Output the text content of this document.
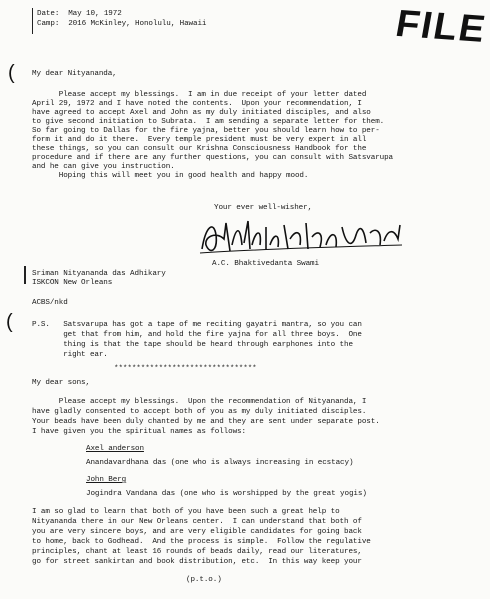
FILE
Date:  May 10, 1972
Camp:  2016 McKinley, Honolulu, Hawaii
( My dear Nityananda,
Please accept my blessings.  I am in due receipt of your letter dated
April 29, 1972 and I have noted the contents.  Upon your recommendation, I
have agreed to accept Axel and John as my duly initiated disciples, and also
to give second initiation to Subrata.  I am sending a separate letter for them.
So far going to Dallas for the fire yajna, better you should learn how to per-
form it and do it there.  Every temple president must be very expert in all
these things, so you can consult our Krishna Consciousness Handbook for the
procedure and if there are any further questions, you can consult with Satsvarupa
and he can give you instruction.
Hoping this will meet you in good health and happy mood.
Your ever well-wisher,
A.C. Bhaktivedanta Swami
Sriman Nityananda das Adhikary
ISKCON New Orleans
ACBS/nkd
(	P.S.   Satsvarupa has got a tape of me reciting gayatri mantra, so you can
get that from him, and hold the fire yajna for all three boys.  One
thing is that the tape should be heard through earphones into the
right ear.
********************************
My dear sons,
Please accept my blessings.  Upon the recommendation of Nityananda, I
have gladly consented to accept both of you as my duly initiated disciples.
Your beads have been duly chanted by me and they are sent under separate post.
I have given you the spiritual names as follows:
Axel anderson
Anandavardhana das (one who is always increasing in ecstacy)
John Berg
Jogindra Vandana das (one who is worshipped by the great yogis)
I am so glad to learn that both of you have been such a great help to
Nityananda there in our New Orleans center.  I can understand that both of
you are very sincere boys, and are very eligible candidates for going back
to home, back to Godhead.  And the process is simple.  Follow the regulative
principles, chant at least 16 rounds of beads daily, read our literatures,
go for street sankirtan and book distribution, etc.  In this way keep your
(p.t.o.)
